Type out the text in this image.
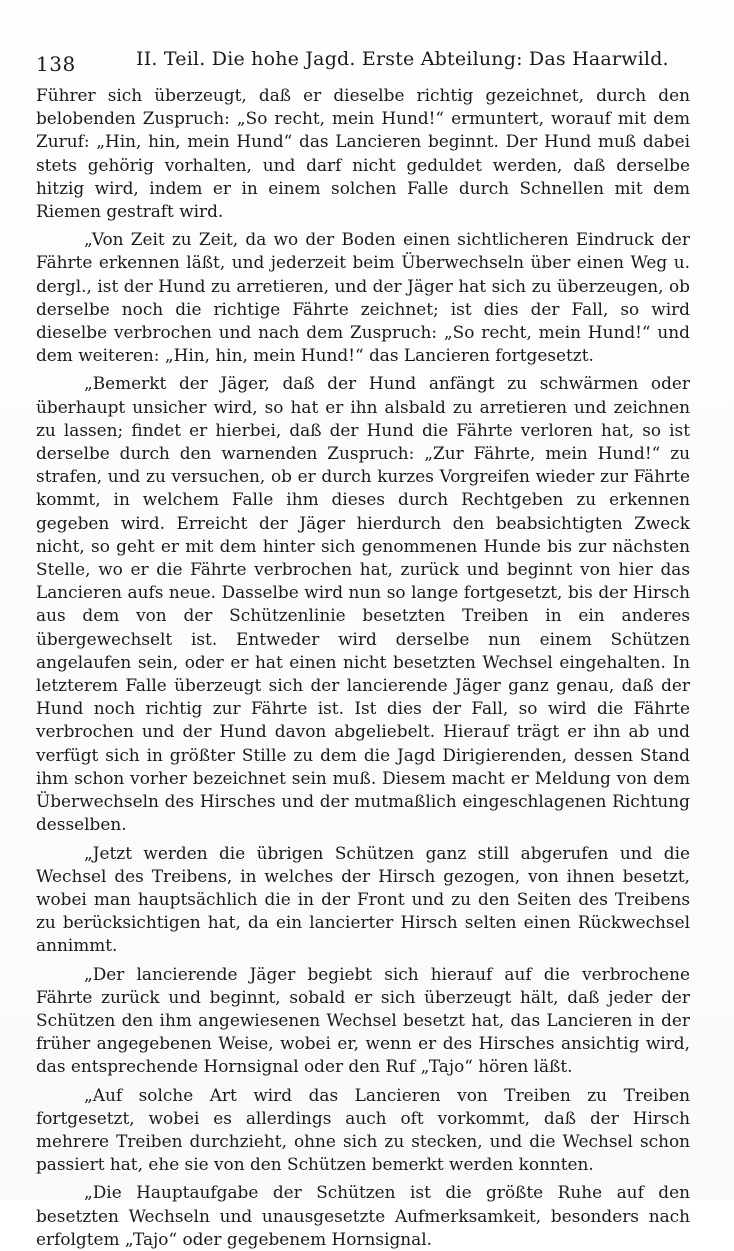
138	II. Teil. Die hohe Jagd. Erste Abteilung: Das Haarwild.

Führer sich überzeugt, daß er dieselbe richtig gezeichnet, durch den belobenden Zuspruch: „So recht, mein Hund!“ ermuntert, worauf mit dem Zuruf: „Hin, hin, mein Hund“ das Lancieren beginnt. Der Hund muß dabei stets gehörig vorhalten, und darf nicht geduldet werden, daß derselbe hitzig wird, indem er in einem solchen Falle durch Schnellen mit dem Riemen gestraft wird.

„Von Zeit zu Zeit, da wo der Boden einen sichtlicheren Eindruck der Fährte erkennen läßt, und jederzeit beim Überwechseln über einen Weg u. dergl., ist der Hund zu arretieren, und der Jäger hat sich zu überzeugen, ob derselbe noch die richtige Fährte zeichnet; ist dies der Fall, so wird dieselbe verbrochen und nach dem Zuspruch: „So recht, mein Hund!“ und dem weiteren: „Hin, hin, mein Hund!“ das Lancieren fortgesetzt.

„Bemerkt der Jäger, daß der Hund anfängt zu schwärmen oder überhaupt unsicher wird, so hat er ihn alsbald zu arretieren und zeichnen zu lassen; findet er hierbei, daß der Hund die Fährte verloren hat, so ist derselbe durch den warnenden Zuspruch: „Zur Fährte, mein Hund!“ zu strafen, und zu versuchen, ob er durch kurzes Vorgreifen wieder zur Fährte kommt, in welchem Falle ihm dieses durch Rechtgeben zu erkennen gegeben wird. Erreicht der Jäger hierdurch den beabsichtigten Zweck nicht, so geht er mit dem hinter sich genommenen Hunde bis zur nächsten Stelle, wo er die Fährte verbrochen hat, zurück und beginnt von hier das Lancieren aufs neue. Dasselbe wird nun so lange fortgesetzt, bis der Hirsch aus dem von der Schützenlinie besetzten Treiben in ein anderes übergewechselt ist. Entweder wird derselbe nun einem Schützen angelaufen sein, oder er hat einen nicht besetzten Wechsel eingehalten. In letzterem Falle überzeugt sich der lancierende Jäger ganz genau, daß der Hund noch richtig zur Fährte ist. Ist dies der Fall, so wird die Fährte verbrochen und der Hund davon abgeliebelt. Hierauf trägt er ihn ab und verfügt sich in größter Stille zu dem die Jagd Dirigierenden, dessen Stand ihm schon vorher bezeichnet sein muß. Diesem macht er Meldung von dem Überwechseln des Hirsches und der mutmaßlich eingeschlagenen Richtung desselben.

„Jetzt werden die übrigen Schützen ganz still abgerufen und die Wechsel des Treibens, in welches der Hirsch gezogen, von ihnen besetzt, wobei man hauptsächlich die in der Front und zu den Seiten des Treibens zu berücksichtigen hat, da ein lancierter Hirsch selten einen Rückwechsel annimmt.

„Der lancierende Jäger begiebt sich hierauf auf die verbrochene Fährte zurück und beginnt, sobald er sich überzeugt hält, daß jeder der Schützen den ihm angewiesenen Wechsel besetzt hat, das Lancieren in der früher angegebenen Weise, wobei er, wenn er des Hirsches ansichtig wird, das entsprechende Hornsignal oder den Ruf „Tajo“ hören läßt.

„Auf solche Art wird das Lancieren von Treiben zu Treiben fortgesetzt, wobei es allerdings auch oft vorkommt, daß der Hirsch mehrere Treiben durchzieht, ohne sich zu stecken, und die Wechsel schon passiert hat, ehe sie von den Schützen bemerkt werden konnten.

„Die Hauptaufgabe der Schützen ist die größte Ruhe auf den besetzten Wechseln und unausgesetzte Aufmerksamkeit, besonders nach erfolgtem „Tajo“ oder gegebenem Hornsignal.
